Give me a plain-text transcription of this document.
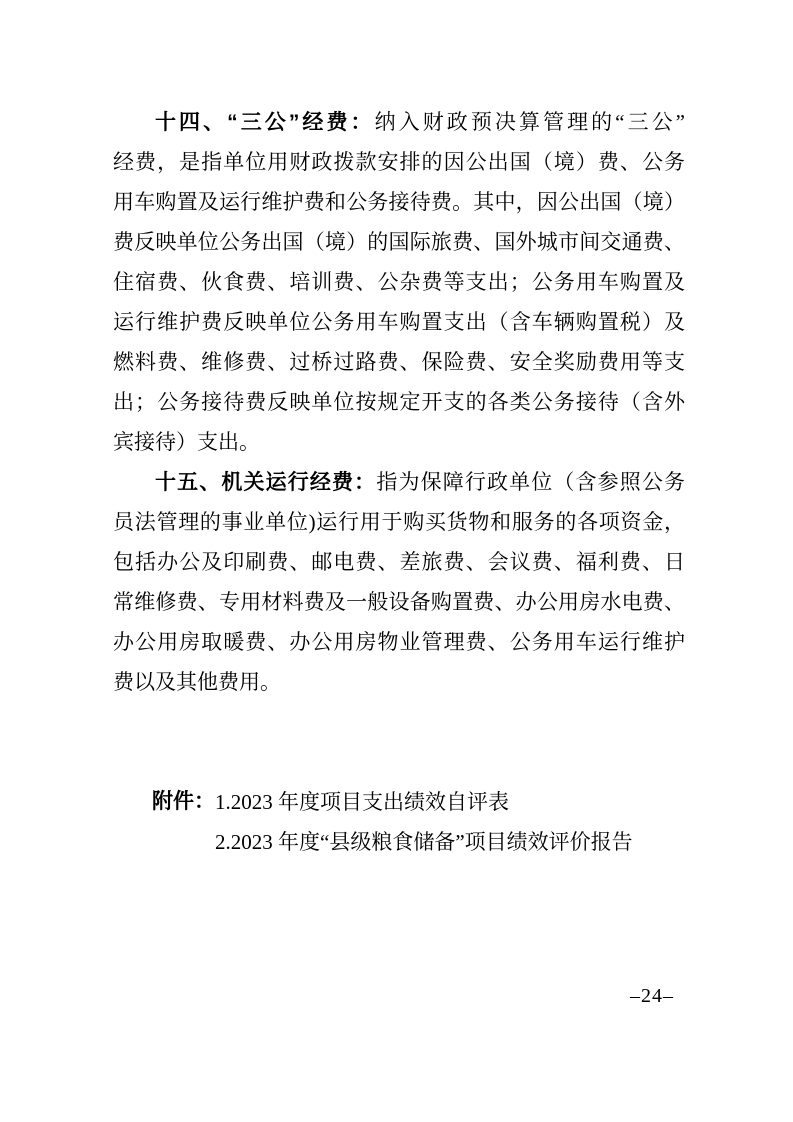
十四、“三公”经费：纳入财政预决算管理的“三公”
经费，是指单位用财政拨款安排的因公出国（境）费、公务
用车购置及运行维护费和公务接待费。其中，因公出国（境）
费反映单位公务出国（境）的国际旅费、国外城市间交通费、
住宿费、伙食费、培训费、公杂费等支出；公务用车购置及
运行维护费反映单位公务用车购置支出（含车辆购置税）及
燃料费、维修费、过桥过路费、保险费、安全奖励费用等支
出；公务接待费反映单位按规定开支的各类公务接待（含外
宾接待）支出。
十五、机关运行经费：指为保障行政单位（含参照公务
员法管理的事业单位)运行用于购买货物和服务的各项资金，
包括办公及印刷费、邮电费、差旅费、会议费、福利费、日
常维修费、专用材料费及一般设备购置费、办公用房水电费、
办公用房取暖费、办公用房物业管理费、公务用车运行维护
费以及其他费用。
附件： 1.2023 年度项目支出绩效自评表
2.2023 年度“县级粮食储备”项目绩效评价报告
–24–
